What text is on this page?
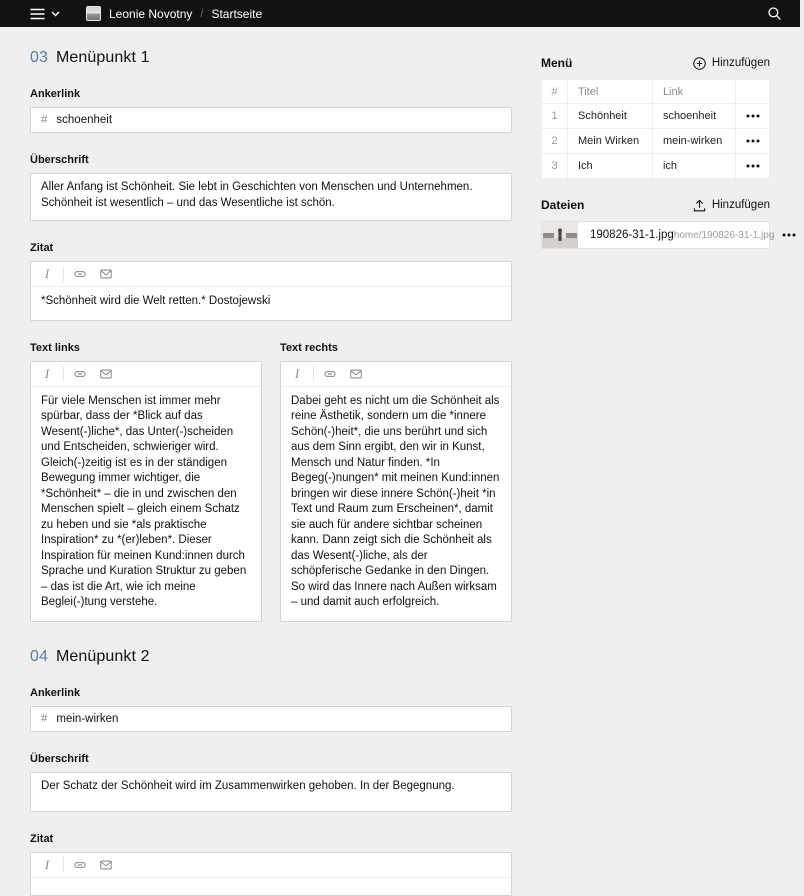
Leonie Novotny / Startseite
03 Menüpunkt 1
Ankerlink
#
schoenheit
Überschrift
Aller Anfang ist Schönheit. Sie lebt in Geschichten von Menschen und Unternehmen. Schönheit ist wesentlich – und das Wesentliche ist schön.
Zitat
I
*Schönheit wird die Welt retten.* Dostojewski
Text links
I
Für viele Menschen ist immer mehr spürbar, dass der *Blick auf das Wesent(-)liche*, das Unter(-)scheiden und Entscheiden, schwieriger wird. Gleich(-)zeitig ist es in der ständigen Bewegung immer wichtiger, die *Schönheit* – die in und zwischen den Menschen spielt – gleich einem Schatz zu heben und sie *als praktische Inspiration* zu *(er)leben*. Dieser Inspiration für meinen Kund:innen durch Sprache und Kuration Struktur zu geben – das ist die Art, wie ich meine Beglei(-)tung verstehe.
Text rechts
I
Dabei geht es nicht um die Schönheit als reine Ästhetik, sondern um die *innere Schön(-)heit*, die uns berührt und sich aus dem Sinn ergibt, den wir in Kunst, Mensch und Natur finden. *In Begeg(-)nungen* mit meinen Kund:innen bringen wir diese innere Schön(-)heit *in Text und Raum zum Erscheinen*, damit sie auch für andere sichtbar scheinen kann. Dann zeigt sich die Schönheit als das Wesent(-)liche, als der schöpferische Gedanke in den Dingen. So wird das Innere nach Außen wirksam – und damit auch erfolgreich.
04 Menüpunkt 2
Ankerlink
#
mein-wirken
Überschrift
Der Schatz der Schönheit wird im Zusammenwirken gehoben. In der Begegnung.
Zitat
I
Menü	Hinzufügen
#	Titel	Link	
1	Schönheit	schoenheit	

2	Mein Wirken	mein-wirken	

3	Ich	ich	
Dateien	Hinzufügen
190826-31-1.jpg home/190826-31-1.jpg
